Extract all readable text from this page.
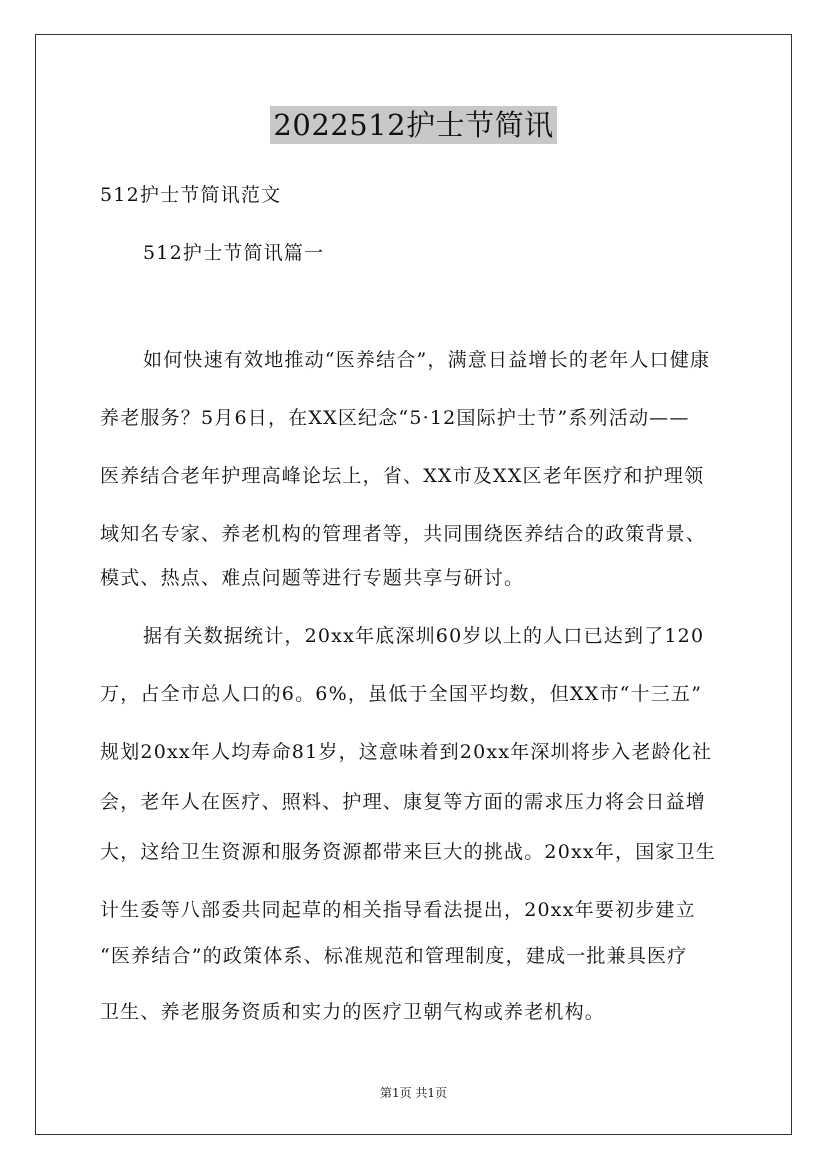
2022512护士节简讯
512护士节简讯范文
512护士节简讯篇一
如何快速有效地推动“医养结合”，满意日益增长的老年人口健康
养老服务？5月6日，在XX区纪念“5·12国际护士节”系列活动——
医养结合老年护理高峰论坛上，省、XX市及XX区老年医疗和护理领
域知名专家、养老机构的管理者等，共同围绕医养结合的政策背景、
模式、热点、难点问题等进行专题共享与研讨。
据有关数据统计，20xx年底深圳60岁以上的人口已达到了120
万，占全市总人口的6。6%，虽低于全国平均数，但XX市“十三五”
规划20xx年人均寿命81岁，这意味着到20xx年深圳将步入老龄化社
会，老年人在医疗、照料、护理、康复等方面的需求压力将会日益增
大，这给卫生资源和服务资源都带来巨大的挑战。20xx年，国家卫生
计生委等八部委共同起草的相关指导看法提出，20xx年要初步建立
“医养结合”的政策体系、标准规范和管理制度，建成一批兼具医疗
卫生、养老服务资质和实力的医疗卫朝气构或养老机构。
第1页 共1页
